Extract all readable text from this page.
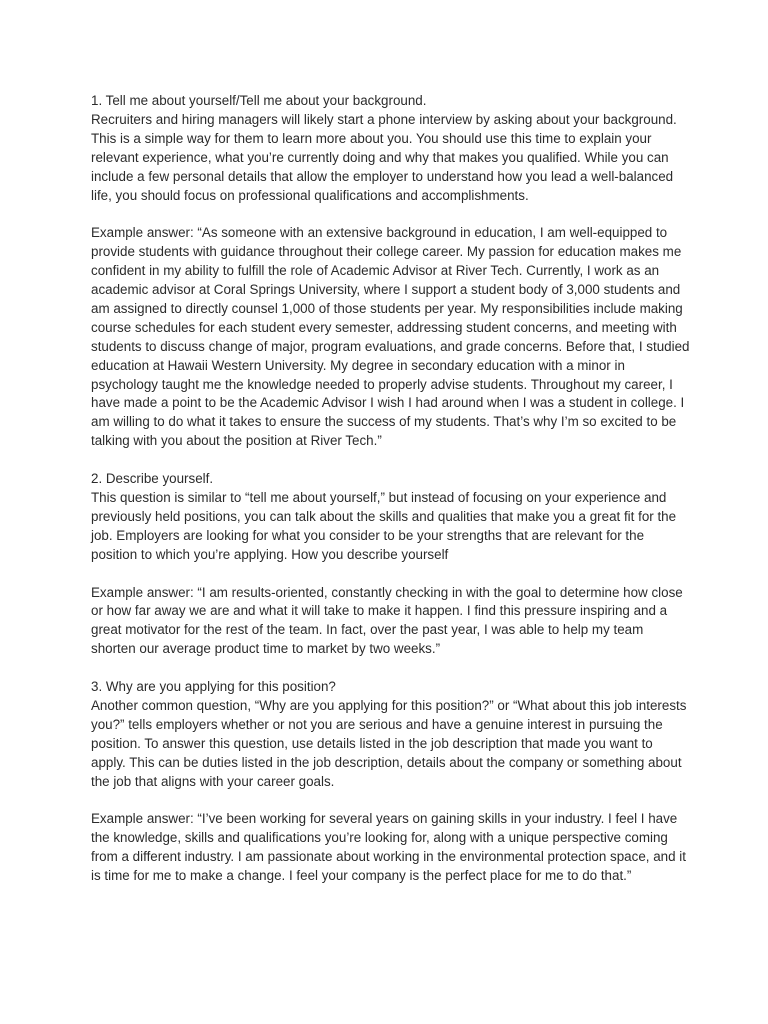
1. Tell me about yourself/Tell me about your background.

Recruiters and hiring managers will likely start a phone interview by asking about your background. This is a simple way for them to learn more about you. You should use this time to explain your relevant experience, what you’re currently doing and why that makes you qualified. While you can include a few personal details that allow the employer to understand how you lead a well-balanced life, you should focus on professional qualifications and accomplishments.

Example answer: “As someone with an extensive background in education, I am well-equipped to provide students with guidance throughout their college career. My passion for education makes me confident in my ability to fulfill the role of Academic Advisor at River Tech. Currently, I work as an academic advisor at Coral Springs University, where I support a student body of 3,000 students and am assigned to directly counsel 1,000 of those students per year. My responsibilities include making course schedules for each student every semester, addressing student concerns, and meeting with students to discuss change of major, program evaluations, and grade concerns. Before that, I studied education at Hawaii Western University. My degree in secondary education with a minor in psychology taught me the knowledge needed to properly advise students. Throughout my career, I have made a point to be the Academic Advisor I wish I had around when I was a student in college. I am willing to do what it takes to ensure the success of my students. That’s why I’m so excited to be talking with you about the position at River Tech.”

2. Describe yourself.

This question is similar to “tell me about yourself,” but instead of focusing on your experience and previously held positions, you can talk about the skills and qualities that make you a great fit for the job. Employers are looking for what you consider to be your strengths that are relevant for the position to which you’re applying. How you describe yourself

Example answer: “I am results-oriented, constantly checking in with the goal to determine how close or how far away we are and what it will take to make it happen. I find this pressure inspiring and a great motivator for the rest of the team. In fact, over the past year, I was able to help my team shorten our average product time to market by two weeks.”

3. Why are you applying for this position?

Another common question, “Why are you applying for this position?” or “What about this job interests you?” tells employers whether or not you are serious and have a genuine interest in pursuing the position. To answer this question, use details listed in the job description that made you want to apply. This can be duties listed in the job description, details about the company or something about the job that aligns with your career goals.

Example answer: “I’ve been working for several years on gaining skills in your industry. I feel I have the knowledge, skills and qualifications you’re looking for, along with a unique perspective coming from a different industry. I am passionate about working in the environmental protection space, and it is time for me to make a change. I feel your company is the perfect place for me to do that.”
